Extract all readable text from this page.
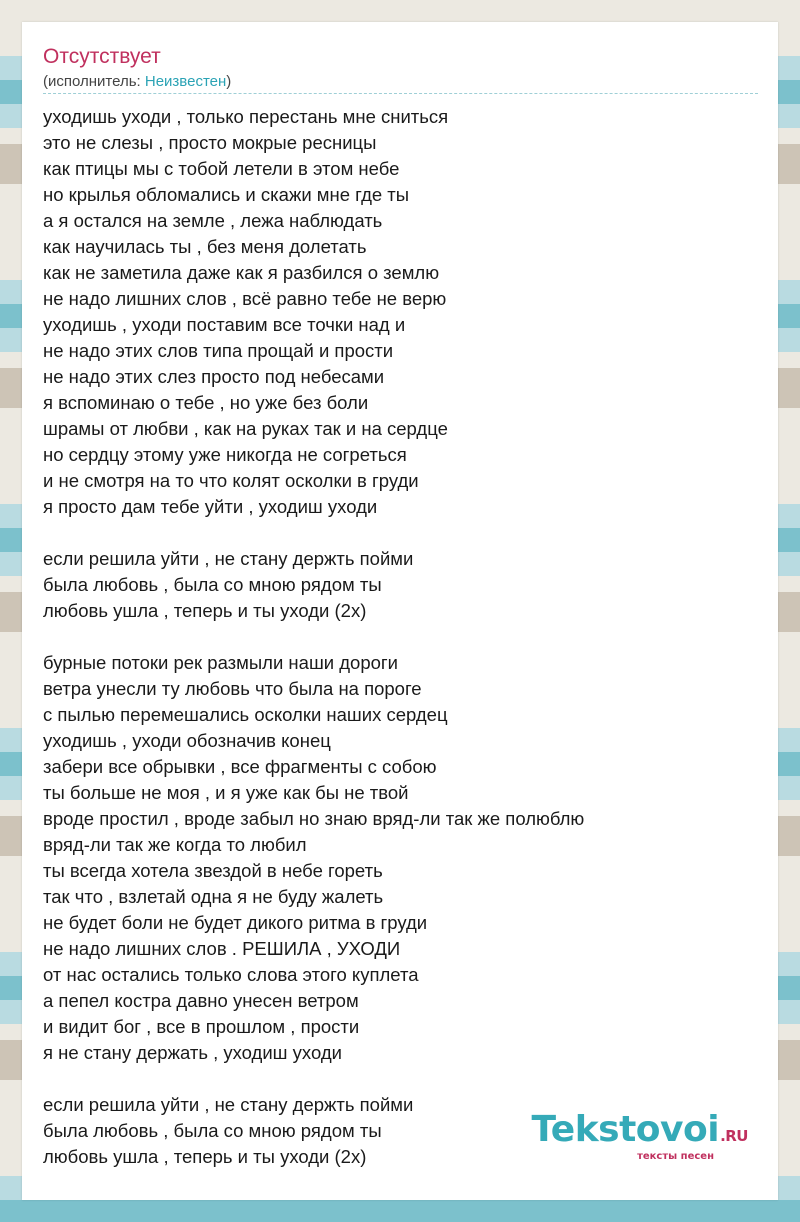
Отсутствует
(исполнитель: Неизвестен)
уходишь уходи , только перестань мне сниться
это не слезы , просто мокрые ресницы
как птицы мы с тобой летели в этом небе
но крылья обломались и скажи мне где ты
а я остался на земле , лежа наблюдать
как научилась ты , без меня долетать
как не заметила даже как я разбился о землю
не надо лишних слов , всё равно тебе не верю
уходишь , уходи поставим все точки над и
не надо этих слов типа прощай и прости
не надо этих слез просто под небесами
я вспоминаю о тебе , но уже без боли
шрамы от любви , как на руках так и на сердце
но сердцу этому уже никогда не согреться
и не смотря на то что колят осколки в груди
я просто дам тебе уйти , уходиш уходи
если решила уйти , не стану держть пойми
была любовь , была со мною рядом ты
любовь ушла , теперь и ты уходи (2х)
бурные потоки рек размыли наши дороги
ветра унесли ту любовь что была на пороге
с пылью перемешались осколки наших сердец
уходишь , уходи обозначив конец
забери все обрывки , все фрагменты с собою
ты больше не моя , и я уже как бы не твой
вроде простил , вроде забыл но знаю вряд-ли так же полюблю
вряд-ли так же когда то любил
ты всегда хотела звездой в небе гореть
так что , взлетай одна я не буду жалеть
не будет боли не будет дикого ритма в груди
не надо лишних слов . РЕШИЛА , УХОДИ
от нас остались только слова этого куплета
а пепел костра давно унесен ветром
и видит бог , все в прошлом , прости
я не стану держать , уходиш уходи
если решила уйти , не стану держть пойми
была любовь , была со мною рядом ты
любовь ушла , теперь и ты уходи (2х)
Tekstovoi.RU
тексты песен
